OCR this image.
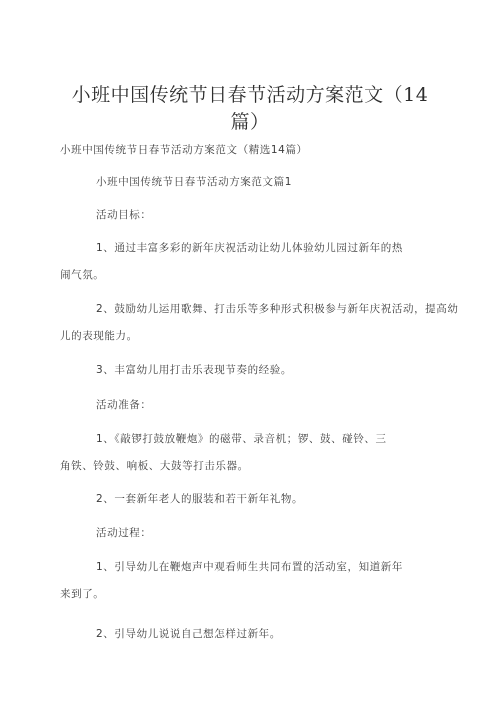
小班中国传统节日春节活动方案范文（14篇）
小班中国传统节日春节活动方案范文（精选14篇）
小班中国传统节日春节活动方案范文篇1
活动目标：
1、通过丰富多彩的新年庆祝活动让幼儿体验幼儿园过新年的热
闹气氛。
2、鼓励幼儿运用歌舞、打击乐等多种形式积极参与新年庆祝活动，提高幼
儿的表现能力。
3、丰富幼儿用打击乐表现节奏的经验。
活动准备：
1、《敲锣打鼓放鞭炮》的磁带、录音机；锣、鼓、碰铃、三
角铁、铃鼓、响板、大鼓等打击乐器。
2、一套新年老人的服装和若干新年礼物。
活动过程：
1、引导幼儿在鞭炮声中观看师生共同布置的活动室，知道新年
来到了。
2、引导幼儿说说自己想怎样过新年。
